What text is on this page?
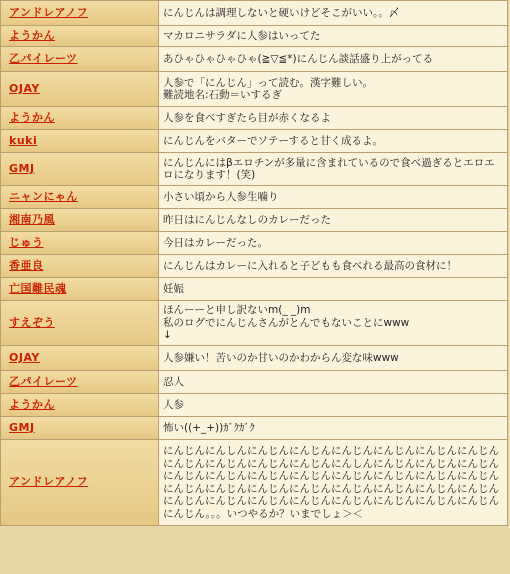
アンドレアノフ	にんじんは調理しないと硬いけどそこがいい。。〆
ようかん	マカロニサラダに人参はいってた
乙パイレーツ	あひゃひゃひゃひゃ(≧▽≦*)にんじん談話盛り上がってる
OJAY	人参で「にんじん」って読む。漢字難しい。
難読地名:石動＝いするぎ
ようかん	人参を食べすぎたら目が赤くなるよ
kuki	にんじんをバターでソテーすると甘く成るよ。
GMJ	にんじんにはβエロチンが多量に含まれているので食べ過ぎるとエロエロになります！(笑)
ニャンにゃん	小さい頃から人参生噛り
湘南乃風	昨日はにんじんなしのカレーだった
じゅう	今日はカレーだった。
香亜良	にんじんはカレーに入れると子どもも食べれる最高の食材に！
亡国難民魂	妊娠
すえぞう	ほんーーと申し訳ないm(_ _)m
私のログでにんじんさんがとんでもないことにwww
↓
OJAY	人参嫌い！苦いのか甘いのかわからん変な味www
乙パイレーツ	忍人
ようかん	人参
GMJ	怖い((+_+))ｶﾞｸｶﾞｸ
アンドレアノフ	にんじんにんしんにんじんにんじんにんじんにんじんにんじんにんじんにんじんにんじんにんじんにんじんにんしんにんじんにんじんにんじんにんじんにんじんにんじんにんじんにんじんにんじんにんじんにんじんにんじんにんじんにんじんにんじんにんじんにんじんにんじんにんじんにんじんにんじんにんじんにんじんにんじんにんじんにんじんにんじんにんじん。。。いつやるか？いまでしょ＞＜
